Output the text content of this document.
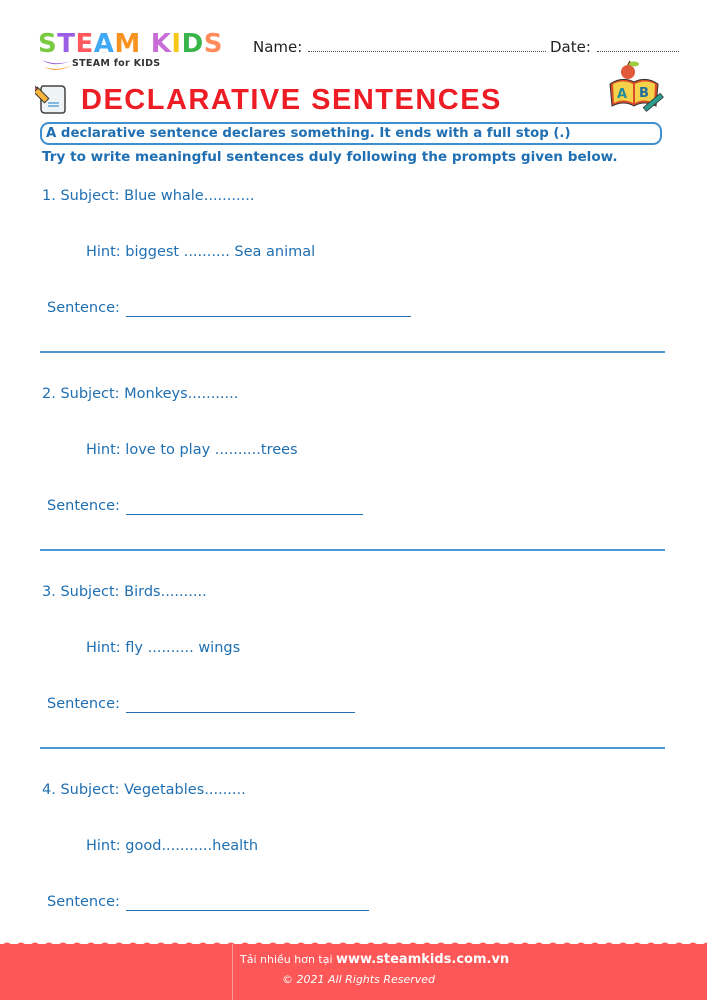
STEAM KIDS
STEAM for KIDS
Name:	Date:
DECLARATIVE SENTENCES	A B
A declarative sentence declares something. It ends with a full stop (.)
Try to write meaningful sentences duly following the prompts given below.
1. Subject: Blue whale...........
Hint: biggest .......... Sea animal
Sentence:
2. Subject: Monkeys...........
Hint: love to play ..........trees
Sentence:
3. Subject: Birds..........
Hint: fly .......... wings
Sentence:
4. Subject: Vegetables.........
Hint: good...........health
Sentence:
Tải nhiều hơn tại www.steamkids.com.vn
© 2021 All Rights Reserved
